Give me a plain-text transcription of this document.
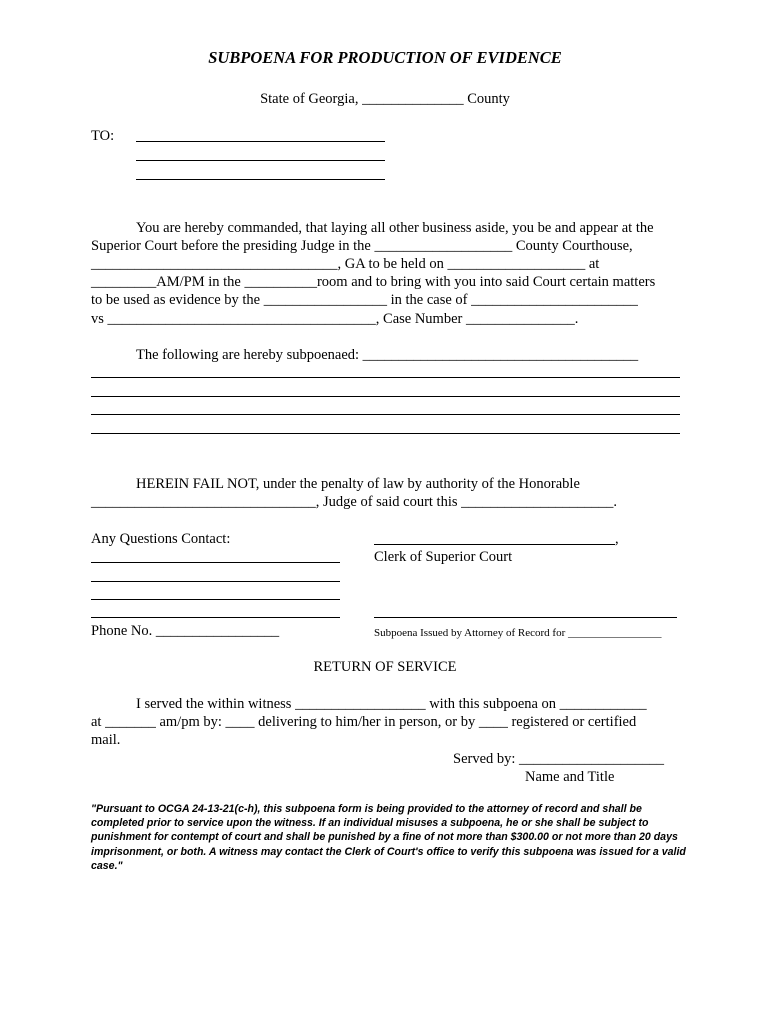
SUBPOENA FOR PRODUCTION OF EVIDENCE
State of Georgia, ______________ County
TO:
You are hereby commanded, that laying all other business aside, you be and appear at the
Superior Court before the presiding Judge in the ___________________ County Courthouse,
__________________________________, GA to be held on ___________________ at
_________AM/PM in the __________room and to bring with you into said Court certain matters
to be used as evidence by the _________________ in the case of _______________________
vs _____________________________________, Case Number _______________.
The following are hereby subpoenaed: ______________________________________
HEREIN FAIL NOT, under the penalty of law by authority of the Honorable
_______________________________, Judge of said court this _____________________.
Any Questions Contact:	,
Clerk of Superior Court
Phone No. _________________	Subpoena Issued by Attorney of Record for _________________
RETURN OF SERVICE
I served the within witness __________________ with this subpoena on ____________
at _______ am/pm by: ____ delivering to him/her in person, or by ____ registered or certified
mail.
Served by: ____________________
Name and Title
"Pursuant to OCGA 24-13-21(c-h), this subpoena form is being provided to the attorney of record and shall be completed prior to service upon the witness. If an individual misuses a subpoena, he or she shall be subject to punishment for contempt of court and shall be punished by a fine of not more than $300.00 or not more than 20 days imprisonment, or both. A witness may contact the Clerk of Court's office to verify this subpoena was issued for a valid case."
